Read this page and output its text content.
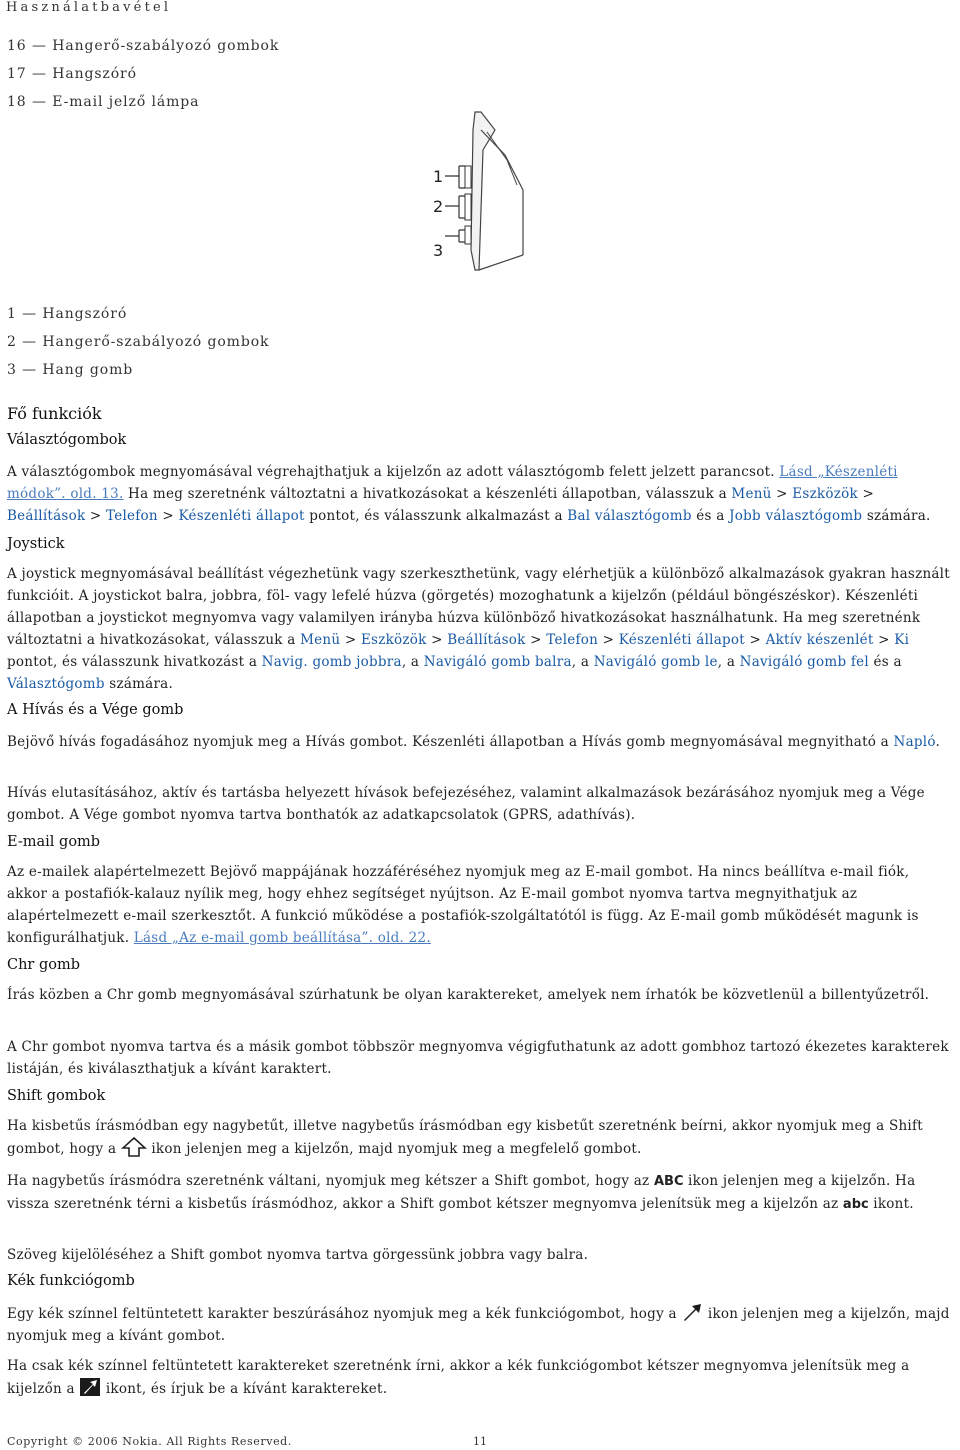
Használatbavétel
16 — Hangerő-szabályozó gombok
17 — Hangszóró
18 — E-mail jelző lámpa
1
2
3
1 — Hangszóró
2 — Hangerő-szabályozó gombok
3 — Hang gomb
Fő funkciók
Választógombok
A választógombok megnyomásával végrehajthatjuk a kijelzőn az adott választógomb felett jelzett parancsot. Lásd „Készenléti módok”. old. 13. Ha meg szeretnénk változtatni a hivatkozásokat a készenléti állapotban, válasszuk a Menü > Eszközök > Beállítások > Telefon > Készenléti állapot pontot, és válasszunk alkalmazást a Bal választógomb és a Jobb választógomb számára.
Joystick
A joystick megnyomásával beállítást végezhetünk vagy szerkeszthetünk, vagy elérhetjük a különböző alkalmazások gyakran használt funkcióit. A joystickot balra, jobbra, föl- vagy lefelé húzva (görgetés) mozoghatunk a kijelzőn (például böngészéskor). Készenléti állapotban a joystickot megnyomva vagy valamilyen irányba húzva különböző hivatkozásokat használhatunk. Ha meg szeretnénk változtatni a hivatkozásokat, válasszuk a Menü > Eszközök > Beállítások > Telefon > Készenléti állapot > Aktív készenlét > Ki pontot, és válasszunk hivatkozást a Navig. gomb jobbra, a Navigáló gomb balra, a Navigáló gomb le, a Navigáló gomb fel és a Választógomb számára.
A Hívás és a Vége gomb
Bejövő hívás fogadásához nyomjuk meg a Hívás gombot. Készenléti állapotban a Hívás gomb megnyomásával megnyitható a Napló.
Hívás elutasításához, aktív és tartásba helyezett hívások befejezéséhez, valamint alkalmazások bezárásához nyomjuk meg a Vége gombot. A Vége gombot nyomva tartva bonthatók az adatkapcsolatok (GPRS, adathívás).
E-mail gomb
Az e-mailek alapértelmezett Bejövő mappájának hozzáféréséhez nyomjuk meg az E-mail gombot. Ha nincs beállítva e-mail fiók, akkor a postafiók-kalauz nyílik meg, hogy ehhez segítséget nyújtson. Az E-mail gombot nyomva tartva megnyithatjuk az alapértelmezett e-mail szerkesztőt. A funkció működése a postafiók-szolgáltatótól is függ. Az E-mail gomb működését magunk is konfigurálhatjuk. Lásd „Az e-mail gomb beállítása”. old. 22.
Chr gomb
Írás közben a Chr gomb megnyomásával szúrhatunk be olyan karaktereket, amelyek nem írhatók be közvetlenül a billentyűzetről.
A Chr gombot nyomva tartva és a másik gombot többször megnyomva végigfuthatunk az adott gombhoz tartozó ékezetes karakterek listáján, és kiválaszthatjuk a kívánt karaktert.
Shift gombok
Ha kisbetűs írásmódban egy nagybetűt, illetve nagybetűs írásmódban egy kisbetűt szeretnénk beírni, akkor nyomjuk meg a Shift gombot, hogy a  ikon jelenjen meg a kijelzőn, majd nyomjuk meg a megfelelő gombot.
Ha nagybetűs írásmódra szeretnénk váltani, nyomjuk meg kétszer a Shift gombot, hogy az ABC ikon jelenjen meg a kijelzőn. Ha vissza szeretnénk térni a kisbetűs írásmódhoz, akkor a Shift gombot kétszer megnyomva jelenítsük meg a kijelzőn az abc ikont.
Szöveg kijelöléséhez a Shift gombot nyomva tartva görgessünk jobbra vagy balra.
Kék funkciógomb
Egy kék színnel feltüntetett karakter beszúrásához nyomjuk meg a kék funkciógombot, hogy a  ikon jelenjen meg a kijelzőn, majd nyomjuk meg a kívánt gombot.
Ha csak kék színnel feltüntetett karaktereket szeretnénk írni, akkor a kék funkciógombot kétszer megnyomva jelenítsük meg a kijelzőn a  ikont, és írjuk be a kívánt karaktereket.
Copyright © 2006 Nokia. All Rights Reserved.	11
